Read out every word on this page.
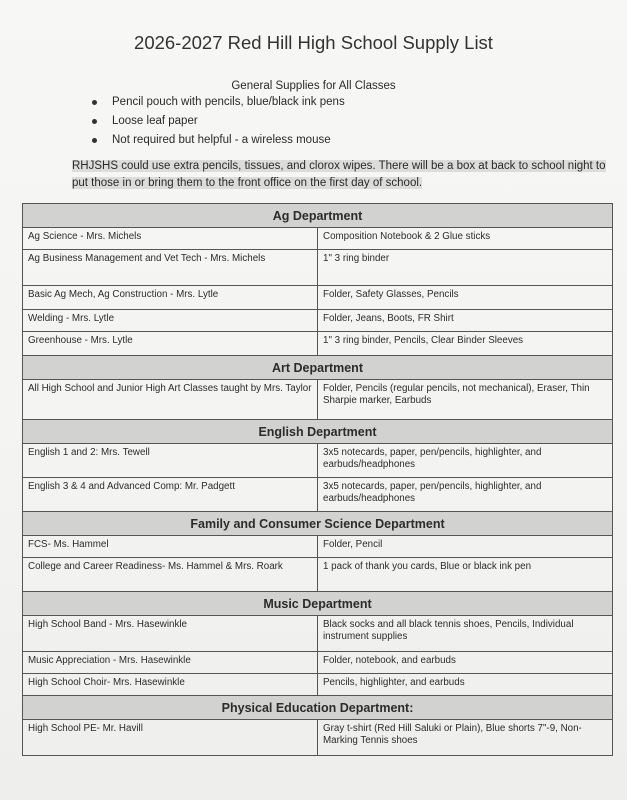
2026-2027 Red Hill High School Supply List
General Supplies for All Classes
Pencil pouch with pencils, blue/black ink pens
Loose leaf paper
Not required but helpful - a wireless mouse
RHJSHS could use extra pencils, tissues, and clorox wipes. There will be a box at back to school night to put those in or bring them to the front office on the first day of school.
Ag Department	
Ag Science - Mrs. Michels	Composition Notebook & 2 Glue sticks
Ag Business Management and Vet Tech - Mrs. Michels	1" 3 ring binder
Basic Ag Mech, Ag Construction - Mrs. Lytle	Folder, Safety Glasses, Pencils
Welding - Mrs. Lytle	Folder, Jeans, Boots, FR Shirt
Greenhouse - Mrs. Lytle	1" 3 ring binder, Pencils, Clear Binder Sleeves
Art Department	
All High School and Junior High Art Classes taught by Mrs. Taylor	Folder, Pencils (regular pencils, not mechanical), Eraser, Thin Sharpie marker, Earbuds
English Department	
English 1 and 2: Mrs. Tewell	3x5 notecards, paper, pen/pencils, highlighter, and earbuds/headphones
English 3 & 4 and Advanced Comp: Mr. Padgett	3x5 notecards, paper, pen/pencils, highlighter, and earbuds/headphones
Family and Consumer Science Department	
FCS- Ms. Hammel	Folder, Pencil
College and Career Readiness- Ms. Hammel & Mrs. Roark	1 pack of thank you cards, Blue or black ink pen
Music Department	
High School Band - Mrs. Hasewinkle	Black socks and all black tennis shoes, Pencils, Individual instrument supplies
Music Appreciation - Mrs. Hasewinkle	Folder, notebook, and earbuds
High School Choir- Mrs. Hasewinkle	Pencils, highlighter, and earbuds
Physical Education Department:	
High School PE- Mr. Havill	Gray t-shirt (Red Hill Saluki or Plain), Blue shorts 7"-9, Non-Marking Tennis shoes
